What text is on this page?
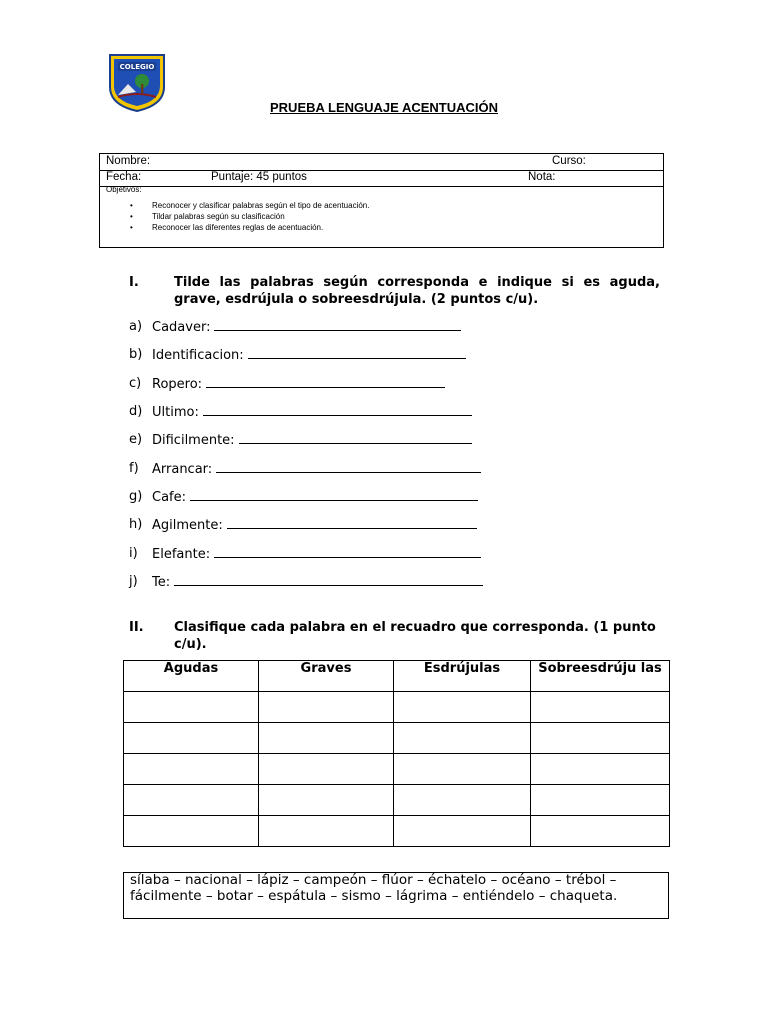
COLEGIO
PRUEBA LENGUAJE ACENTUACIÓN
Nombre:	Curso:
Fecha:	Puntaje: 45 puntos	Nota:
Objetivos:
• Reconocer y clasificar palabras según el tipo de acentuación.
• Tildar palabras según su clasificación
• Reconocer las diferentes reglas de acentuación.
I.	Tilde las palabras según corresponda e indique si es aguda, grave, esdrújula o sobreesdrújula. (2 puntos c/u).
a) Cadaver:
b) Identificacion:
c) Ropero:
d) Ultimo:
e) Dificilmente:
f) Arrancar:
g) Cafe:
h) Agilmente:
i) Elefante:
j) Te:
II. Clasifique cada palabra en el recuadro que corresponda. (1 punto c/u).
Agudas	Graves	Esdrújulas	Sobreesdrúju las

sílaba – nacional – lápiz – campeón – flúor – échatelo – océano – trébol – fácilmente – botar – espátula – sismo – lágrima – entiéndelo – chaqueta.
